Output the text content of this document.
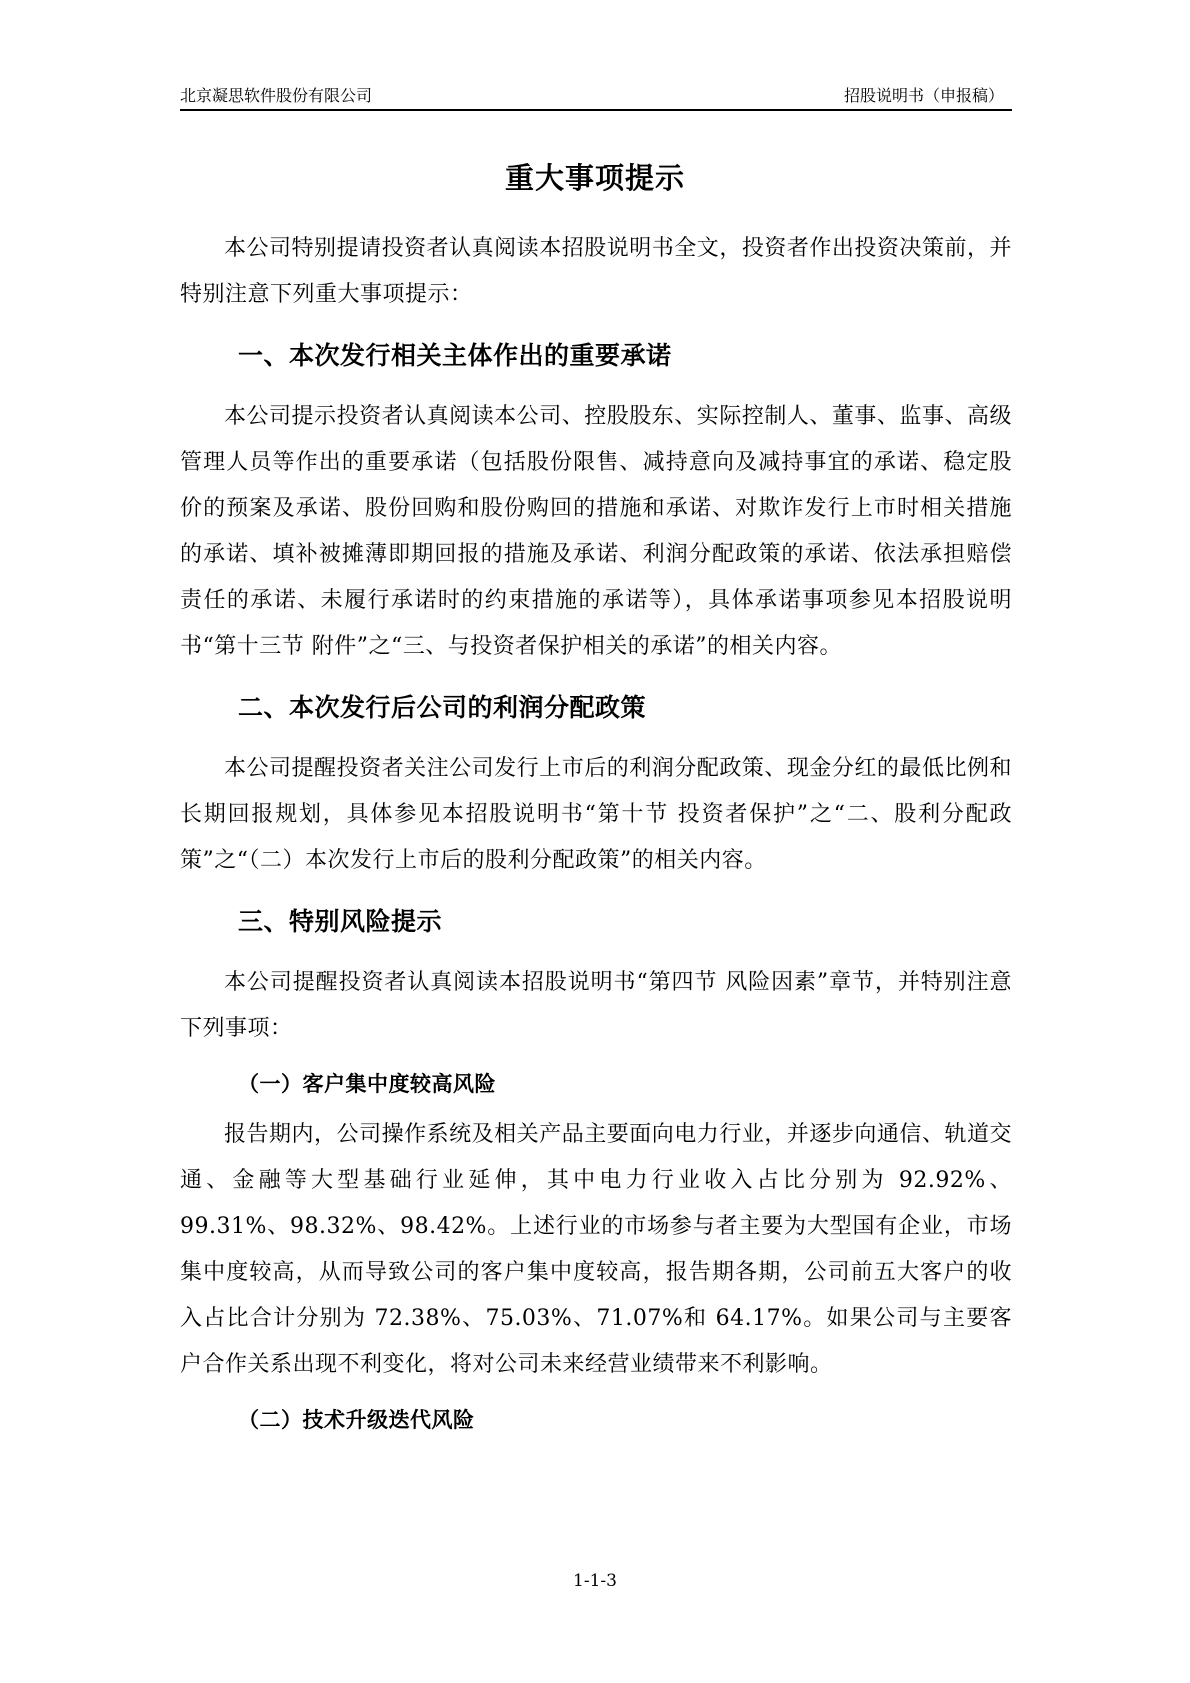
北京凝思软件股份有限公司	招股说明书（申报稿）
重大事项提示

本公司特别提请投资者认真阅读本招股说明书全文，投资者作出投资决策前，并特别注意下列重大事项提示：

一、本次发行相关主体作出的重要承诺

本公司提示投资者认真阅读本公司、控股股东、实际控制人、董事、监事、高级管理人员等作出的重要承诺（包括股份限售、减持意向及减持事宜的承诺、稳定股价的预案及承诺、股份回购和股份购回的措施和承诺、对欺诈发行上市时相关措施的承诺、填补被摊薄即期回报的措施及承诺、利润分配政策的承诺、依法承担赔偿责任的承诺、未履行承诺时的约束措施的承诺等），具体承诺事项参见本招股说明书“第十三节 附件”之“三、与投资者保护相关的承诺”的相关内容。

二、本次发行后公司的利润分配政策

本公司提醒投资者关注公司发行上市后的利润分配政策、现金分红的最低比例和长期回报规划，具体参见本招股说明书“第十节 投资者保护”之“二、股利分配政策”之“（二）本次发行上市后的股利分配政策”的相关内容。

三、特别风险提示

本公司提醒投资者认真阅读本招股说明书“第四节 风险因素”章节，并特别注意下列事项：

（一）客户集中度较高风险

报告期内，公司操作系统及相关产品主要面向电力行业，并逐步向通信、轨道交通、金融等大型基础行业延伸，其中电力行业收入占比分别为 92.92%、99.31%、98.32%、98.42%。上述行业的市场参与者主要为大型国有企业，市场集中度较高，从而导致公司的客户集中度较高，报告期各期，公司前五大客户的收入占比合计分别为 72.38%、75.03%、71.07%和 64.17%。如果公司与主要客户合作关系出现不利变化，将对公司未来经营业绩带来不利影响。

（二）技术升级迭代风险
1-1-3
